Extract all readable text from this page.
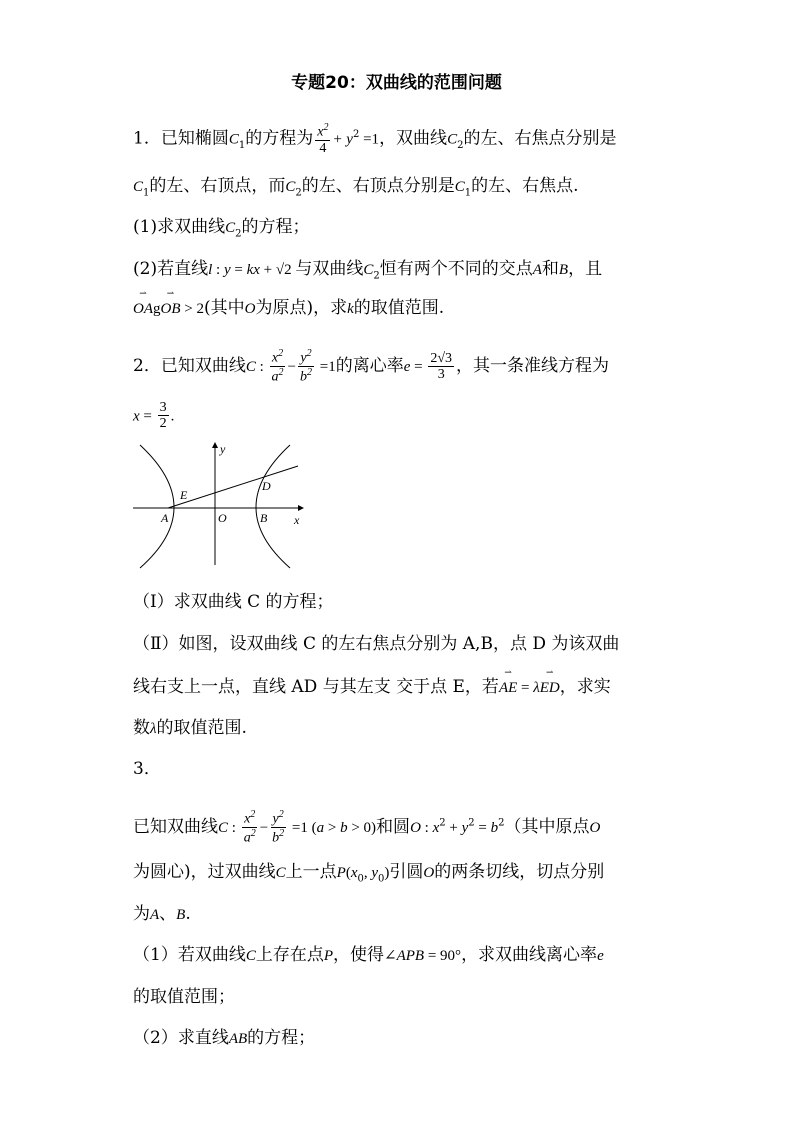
专题20：双曲线的范围问题
1．已知椭圆$C_1$的方程为 $\frac{x^2}{4} + y^2 =1$，双曲线$C_2$的左、右焦点分别是
$C_1$的左、右顶点，而$C_2$的左、右顶点分别是$C_1$的左、右焦点.
(1)求双曲线$C_2$的方程；
(2)若直线l : y = kx + √2 与双曲线$C_2$恒有两个不同的交点A和B，且
⇀ OAg⇀ OB > 2(其中O为原点)，求k的取值范围.
2．已知双曲线C : $\frac{x^2}{a^2} - \frac{y^2}{b^2} =1$的离心率$e = \frac{2√3}{3}$ ，其一条准线方程为
$x = \frac{3}{2}$ .
y
x
E
D
A	O	B
（Ⅰ）求双曲线 C 的方程；
（Ⅱ）如图，设双曲线 C 的左右焦点分别为 A,B，点 D 为该双曲
线右支上一点，直线 AD 与其左支 交于点 E，若⇀ AE = λ⇀ ED，求实
数λ的取值范围.
3．
已知双曲线C : $\frac{x^2}{a^2} - \frac{y^2}{b^2} =1$ (a > b > 0)和圆O : $x^2 + y^2 = b^2$（其中原点O
为圆心)，过双曲线C上一点$P(x_0$, $y_0$)引圆O的两条切线，切点分别
为A、B.
（1）若双曲线C上存在点P，使得∠APB = 90°，求双曲线离心率e
的取值范围；
（2）求直线AB的方程；
